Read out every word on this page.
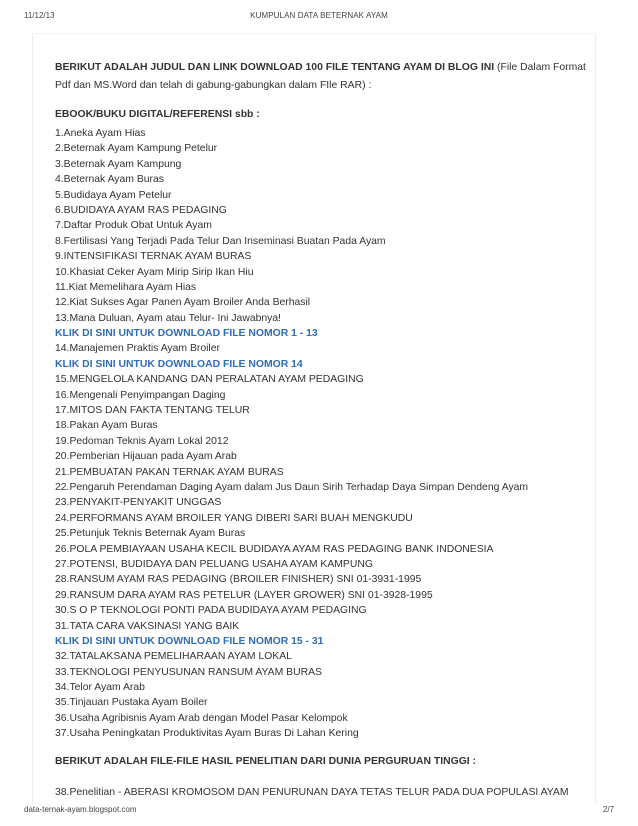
11/12/13	KUMPULAN DATA BETERNAK AYAM

BERIKUT ADALAH JUDUL DAN LINK DOWNLOAD 100 FILE TENTANG AYAM DI BLOG INI (File Dalam Format Pdf dan MS.Word dan telah di gabung-gabungkan dalam FIle RAR) :

EBOOK/BUKU DIGITAL/REFERENSI sbb :
1.Aneka Ayam Hias
2.Beternak Ayam Kampung Petelur
3.Beternak Ayam Kampung
4.Beternak Ayam Buras
5.Budidaya Ayam Petelur
6.BUDIDAYA AYAM RAS PEDAGING
7.Daftar Produk Obat Untuk Ayam
8.Fertilisasi Yang Terjadi Pada Telur Dan Inseminasi Buatan Pada Ayam
9.INTENSIFIKASI TERNAK AYAM BURAS
10.Khasiat Ceker Ayam Mirip Sirip Ikan Hiu
11.Kiat Memelihara Ayam Hias
12.Kiat Sukses Agar Panen Ayam Broiler Anda Berhasil
13.Mana Duluan, Ayam atau Telur- Ini Jawabnya!
KLIK DI SINI UNTUK DOWNLOAD FILE NOMOR 1 - 13
14.Manajemen Praktis Ayam Broiler
KLIK DI SINI UNTUK DOWNLOAD FILE NOMOR 14
15.MENGELOLA KANDANG DAN PERALATAN AYAM PEDAGING
16.Mengenali Penyimpangan Daging
17.MITOS DAN FAKTA TENTANG TELUR
18.Pakan Ayam Buras
19.Pedoman Teknis Ayam Lokal 2012
20.Pemberian Hijauan pada Ayam Arab
21.PEMBUATAN PAKAN TERNAK AYAM BURAS
22.Pengaruh Perendaman Daging Ayam dalam Jus Daun Sirih Terhadap Daya Simpan Dendeng Ayam
23.PENYAKIT-PENYAKIT UNGGAS
24.PERFORMANS AYAM BROILER YANG DIBERI SARI BUAH MENGKUDU
25.Petunjuk Teknis Beternak Ayam Buras
26.POLA PEMBIAYAAN USAHA KECIL BUDIDAYA AYAM RAS PEDAGING BANK INDONESIA
27.POTENSI, BUDIDAYA DAN PELUANG USAHA AYAM KAMPUNG
28.RANSUM AYAM RAS PEDAGING (BROILER FINISHER) SNI 01-3931-1995
29.RANSUM DARA AYAM RAS PETELUR (LAYER GROWER) SNI 01-3928-1995
30.S O P TEKNOLOGI PONTI PADA BUDIDAYA AYAM PEDAGING
31.TATA CARA VAKSINASI YANG BAIK
KLIK DI SINI UNTUK DOWNLOAD FILE NOMOR 15 - 31
32.TATALAKSANA PEMELIHARAAN AYAM LOKAL
33.TEKNOLOGI PENYUSUNAN RANSUM AYAM BURAS
34.Telor Ayam Arab
35.Tinjauan Pustaka Ayam Boiler
36.Usaha Agribisnis Ayam Arab dengan Model Pasar Kelompok
37.Usaha Peningkatan Produktivitas Ayam Buras Di Lahan Kering
BERIKUT ADALAH FILE-FILE HASIL PENELITIAN DARI DUNIA PERGURUAN TINGGI :
38.Penelitian - ABERASI KROMOSOM DAN PENURUNAN DAYA TETAS TELUR PADA DUA POPULASI AYAM
data-ternak-ayam.blogspot.com	2/7
